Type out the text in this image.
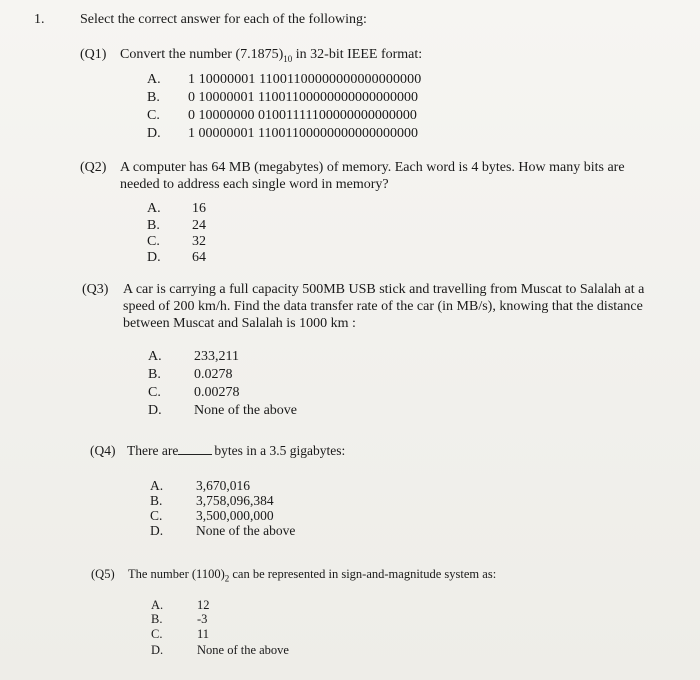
1.	Select the correct answer for each of the following:
(Q1) Convert the number $(7.1875)_{10}$ in 32-bit IEEE format:
A. 1 10000001 11001100000000000000000
B. 0 10000001 11001100000000000000000
C. 0 10000000 01001111100000000000000
D. 1 00000001 11001100000000000000000
(Q2) A computer has 64 MB (megabytes) of memory. Each word is 4 bytes. How many bits are
needed to address each single word in memory?
A. 16
B. 24
C. 32
D. 64
(Q3) A car is carrying a full capacity 500MB USB stick and travelling from Muscat to Salalah at a
speed of 200 km/h. Find the data transfer rate of the car (in MB/s), knowing that the distance
between Muscat and Salalah is 1000 km :
A. 233,211
B. 0.0278
C. 0.00278
D. None of the above
(Q4) There are	bytes in a 3.5 gigabytes:
A. 3,670,016
B. 3,758,096,384
C. 3,500,000,000
D. None of the above
(Q5) The number $(1100)_2$ can be represented in sign-and-magnitude system as:
A.	12
B.	-3
C.	11
D.	None of the above
